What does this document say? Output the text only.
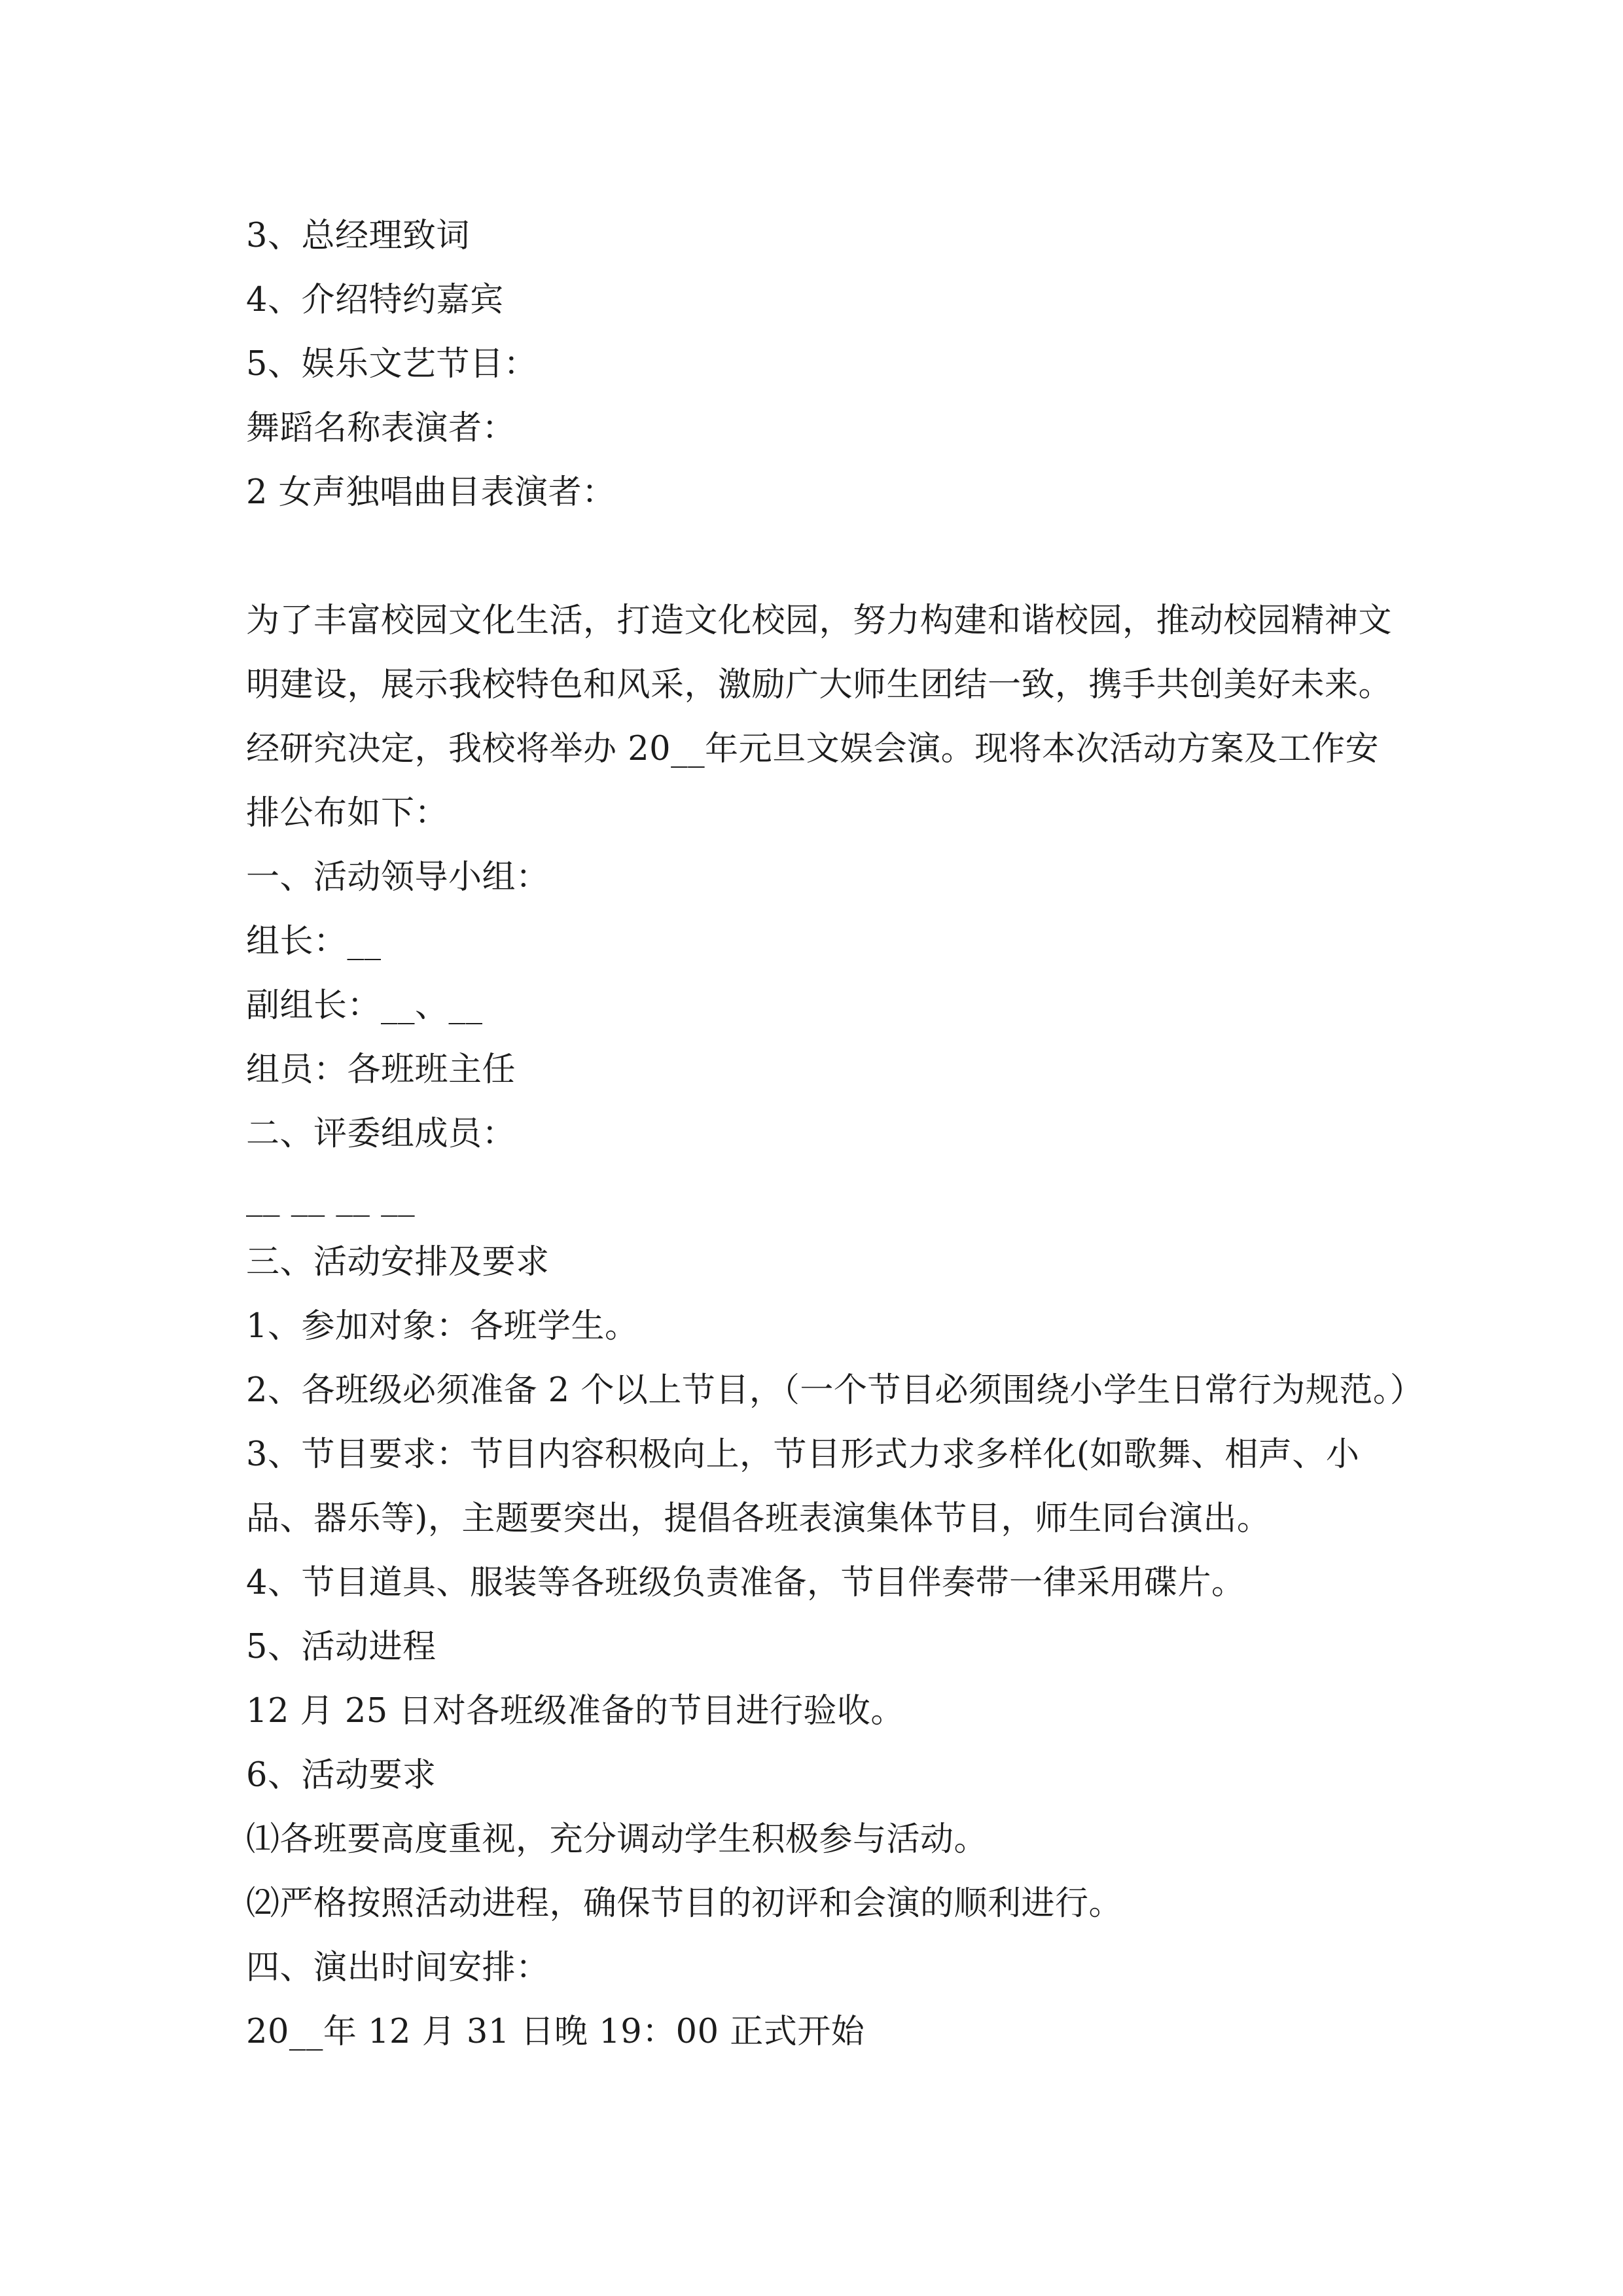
3、总经理致词
4、介绍特约嘉宾
5、娱乐文艺节目：
舞蹈名称表演者：
2 女声独唱曲目表演者：
为了丰富校园文化生活，打造文化校园，努力构建和谐校园，推动校园精神文明建设，展示我校特色和风采，激励广大师生团结一致，携手共创美好未来。经研究决定，我校将举办 20__年元旦文娱会演。现将本次活动方案及工作安排公布如下：
一、活动领导小组：
组长：__
副组长：__、__
组员：各班班主任
二、评委组成员：
__ __ __ __
三、活动安排及要求
1、参加对象：各班学生。
2、各班级必须准备 2 个以上节目，（一个节目必须围绕小学生日常行为规范。）
3、节目要求：节目内容积极向上，节目形式力求多样化(如歌舞、相声、小品、器乐等)，主题要突出，提倡各班表演集体节目，师生同台演出。
4、节目道具、服装等各班级负责准备，节目伴奏带一律采用碟片。
5、活动进程
12 月 25 日对各班级准备的节目进行验收。
6、活动要求
⑴各班要高度重视，充分调动学生积极参与活动。
⑵严格按照活动进程，确保节目的初评和会演的顺利进行。
四、演出时间安排：
20__年 12 月 31 日晚 19：00 正式开始
